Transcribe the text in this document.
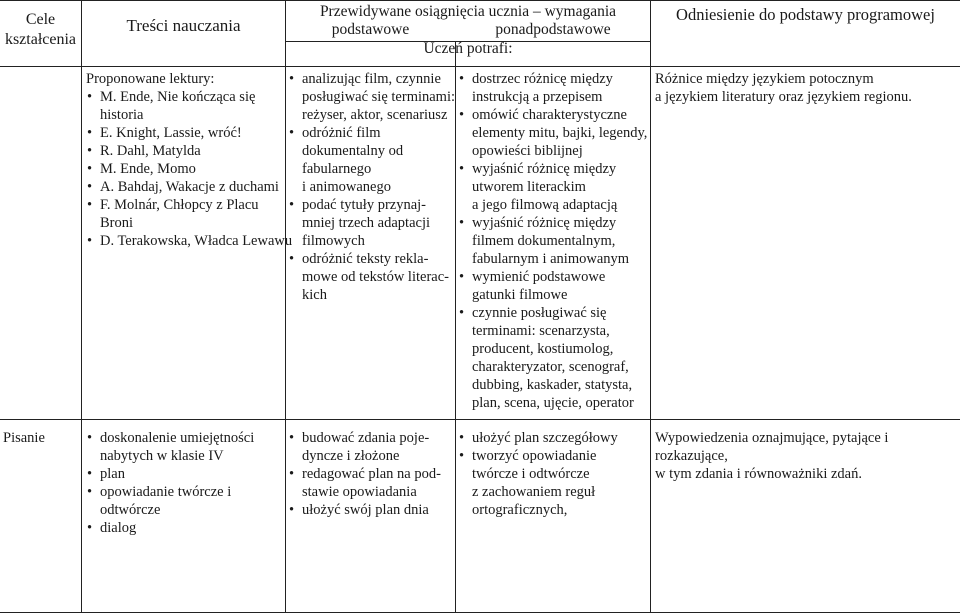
Cele
kształcenia
Treści nauczania
Przewidywane osiągnięcia ucznia – wymagania
podstawowe	ponadpodstawowe
Uczeń potrafi:
Odniesienie do podstawy programowej
Proponowane lektury:
• M. Ende, Nie kończąca się
historia
• E. Knight, Lassie, wróć!
• R. Dahl, Matylda
• M. Ende, Momo
• A. Bahdaj, Wakacje z duchami
• F. Molnár, Chłopcy z Placu
Broni
• D. Terakowska, Władca Lewawu
• analizując film, czynnie
posługiwać się terminami:
reżyser, aktor, scenariusz
• odróżnić film
dokumentalny od
fabularnego
i animowanego
• podać tytuły przynaj-
mniej trzech adaptacji
filmowych
• odróżnić teksty rekla-
mowe od tekstów literac-
kich
• dostrzec różnicę między
instrukcją a przepisem
• omówić charakterystyczne
elementy mitu, bajki, legendy,
opowieści biblijnej
• wyjaśnić różnicę między
utworem literackim
a jego filmową adaptacją
• wyjaśnić różnicę między
filmem dokumentalnym,
fabularnym i animowanym
• wymienić podstawowe
gatunki filmowe
• czynnie posługiwać się
terminami: scenarzysta,
producent, kostiumolog,
charakteryzator, scenograf,
dubbing, kaskader, statysta,
plan, scena, ujęcie, operator
Różnice między językiem potocznym
a językiem literatury oraz językiem regionu.
Pisanie
•	doskonalenie umiejętności
nabytych w klasie IV
• plan
• opowiadanie twórcze i
odtwórcze
• dialog
• budować zdania poje-
dyncze i złożone
• redagować plan na pod-
stawie opowiadania
• ułożyć swój plan dnia
• ułożyć plan szczegółowy
• tworzyć opowiadanie
twórcze i odtwórcze
z zachowaniem reguł
ortograficznych,
Wypowiedzenia oznajmujące, pytające i
rozkazujące,
w tym zdania i równoważniki zdań.
